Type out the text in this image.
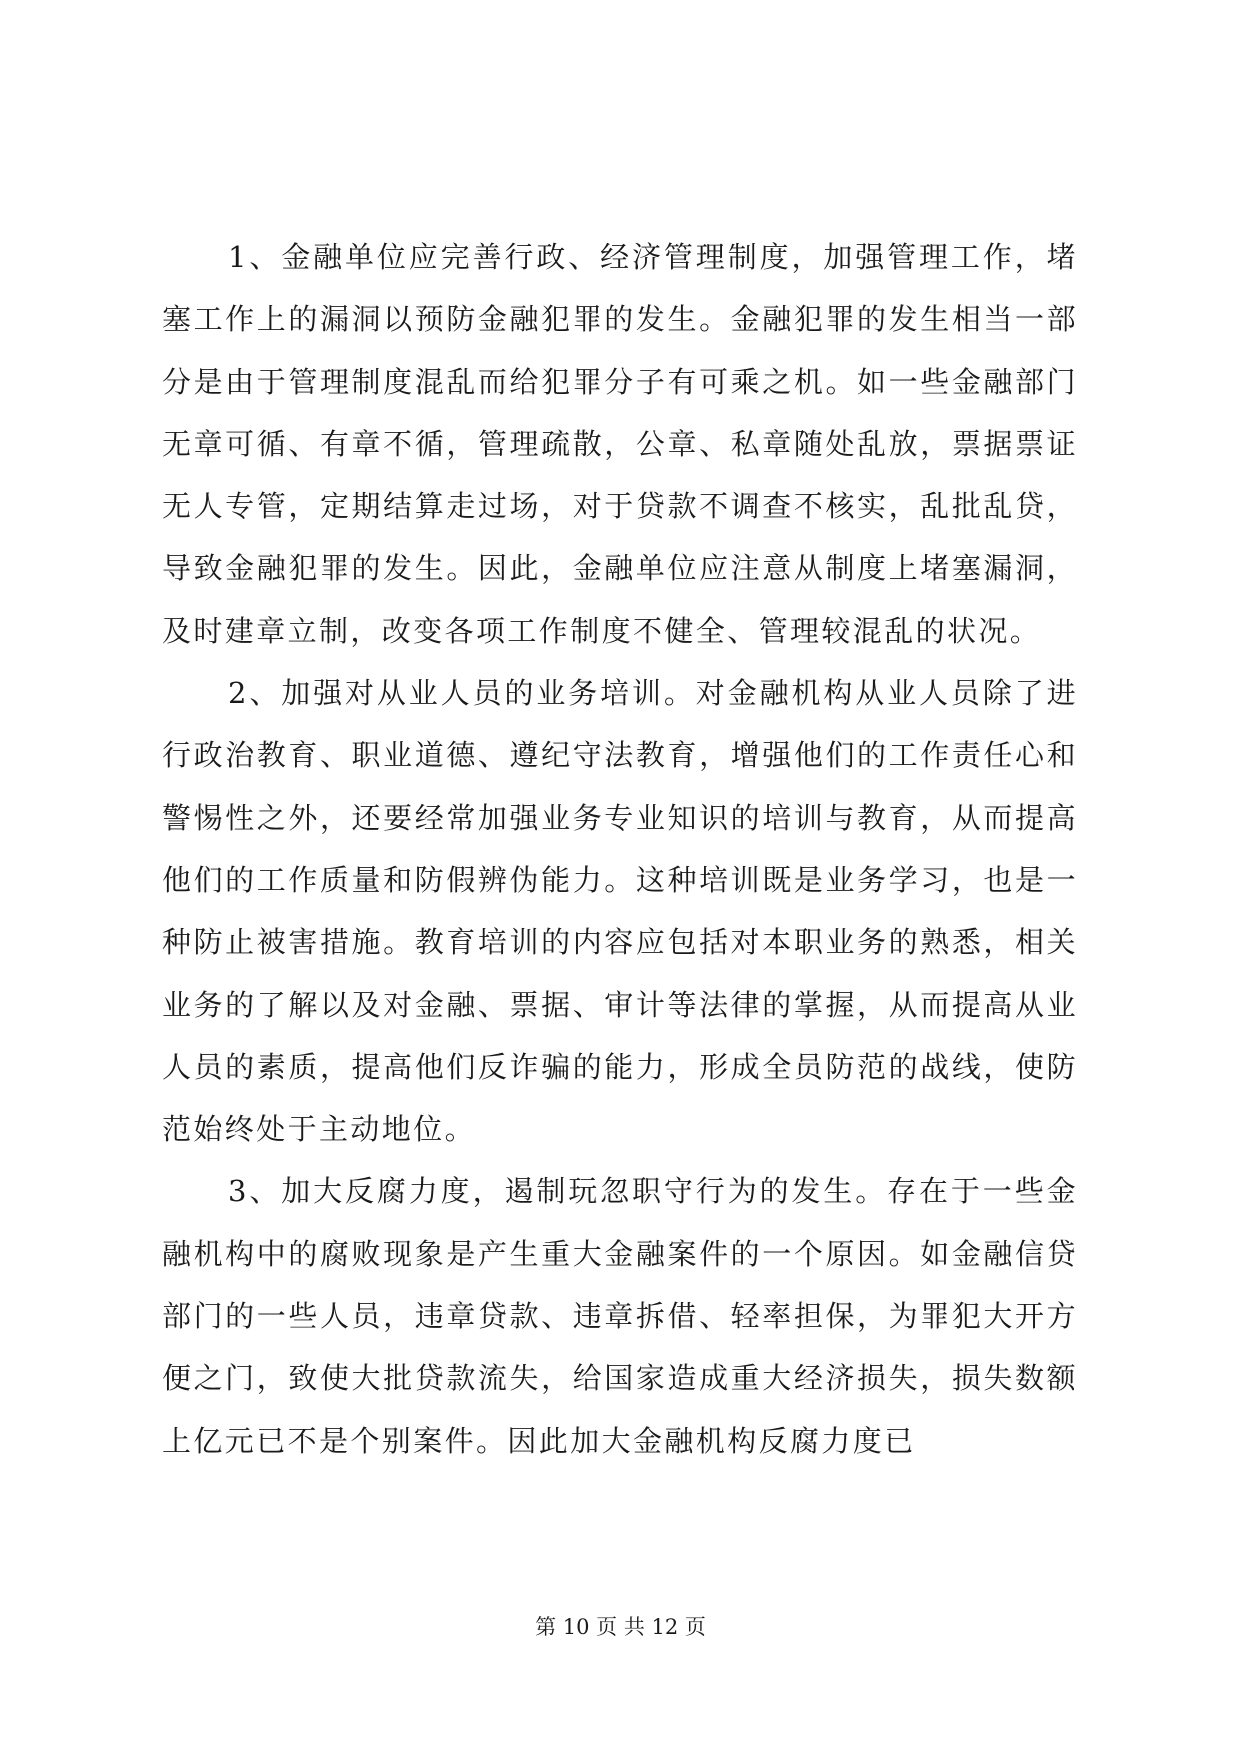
1、金融单位应完善行政、经济管理制度，加强管理工作，堵塞工作上的漏洞以预防金融犯罪的发生。金融犯罪的发生相当一部分是由于管理制度混乱而给犯罪分子有可乘之机。如一些金融部门无章可循、有章不循，管理疏散，公章、私章随处乱放，票据票证无人专管，定期结算走过场，对于贷款不调查不核实，乱批乱贷，导致金融犯罪的发生。因此，金融单位应注意从制度上堵塞漏洞，及时建章立制，改变各项工作制度不健全、管理较混乱的状况。

2、加强对从业人员的业务培训。对金融机构从业人员除了进行政治教育、职业道德、遵纪守法教育，增强他们的工作责任心和警惕性之外，还要经常加强业务专业知识的培训与教育，从而提高他们的工作质量和防假辨伪能力。这种培训既是业务学习，也是一种防止被害措施。教育培训的内容应包括对本职业务的熟悉，相关业务的了解以及对金融、票据、审计等法律的掌握，从而提高从业人员的素质，提高他们反诈骗的能力，形成全员防范的战线，使防范始终处于主动地位。

3、加大反腐力度，遏制玩忽职守行为的发生。存在于一些金融机构中的腐败现象是产生重大金融案件的一个原因。如金融信贷部门的一些人员，违章贷款、违章拆借、轻率担保，为罪犯大开方便之门，致使大批贷款流失，给国家造成重大经济损失，损失数额上亿元已不是个别案件。因此加大金融机构反腐力度已

第 10 页 共 12 页
